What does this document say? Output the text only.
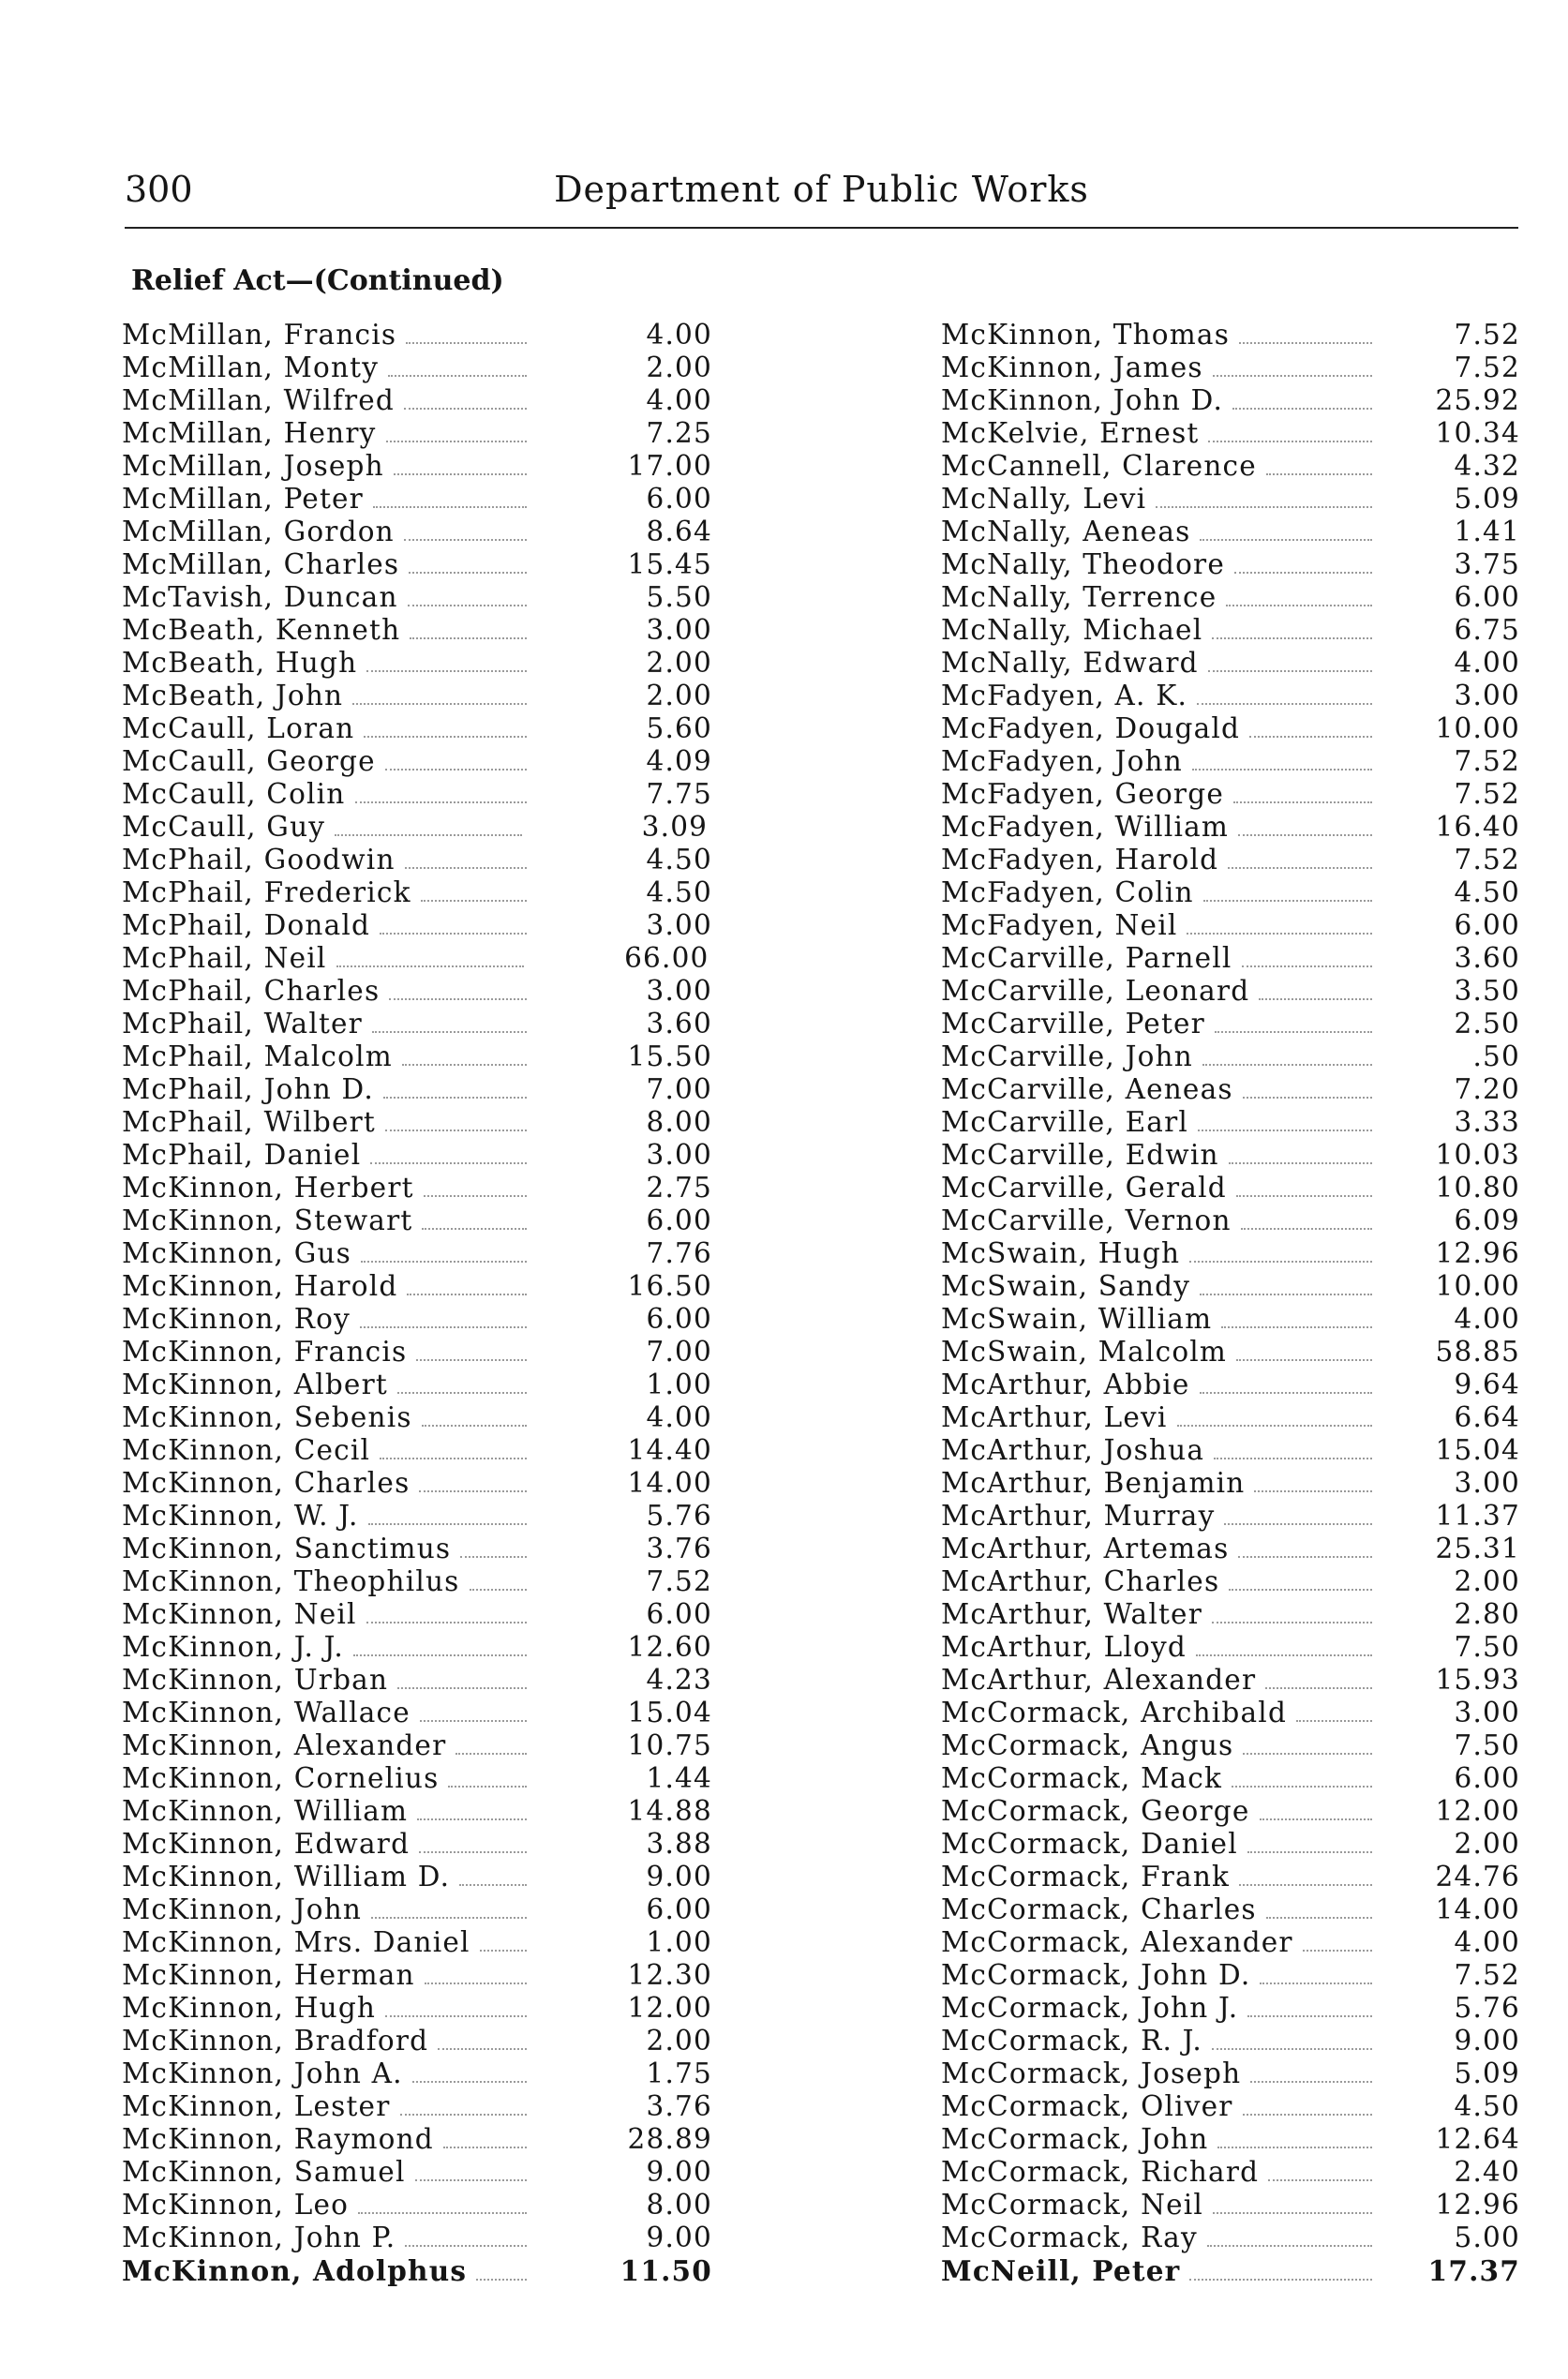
300	Department of Public Works
Relief Act—(Continued)
McMillan, Francis	4.00
McMillan, Monty	2.00
McMillan, Wilfred	4.00
McMillan, Henry	7.25
McMillan, Joseph	17.00
McMillan, Peter	6.00
McMillan, Gordon	8.64
McMillan, Charles	15.45
McTavish, Duncan	5.50
McBeath, Kenneth	3.00
McBeath, Hugh	2.00
McBeath, John	2.00
McCaull, Loran	5.60
McCaull, George	4.09
McCaull, Colin	7.75
McCaull, Guy	3.09
McPhail, Goodwin	4.50
McPhail, Frederick	4.50
McPhail, Donald	3.00
McPhail, Neil	66.00
McPhail, Charles	3.00
McPhail, Walter	3.60
McPhail, Malcolm	15.50
McPhail, John D.	7.00
McPhail, Wilbert	8.00
McPhail, Daniel	3.00
McKinnon, Herbert	2.75
McKinnon, Stewart	6.00
McKinnon, Gus	7.76
McKinnon, Harold	16.50
McKinnon, Roy	6.00
McKinnon, Francis	7.00
McKinnon, Albert	1.00
McKinnon, Sebenis	4.00
McKinnon, Cecil	14.40
McKinnon, Charles	14.00
McKinnon, W. J.	5.76
McKinnon, Sanctimus	3.76
McKinnon, Theophilus	7.52
McKinnon, Neil	6.00
McKinnon, J. J.	12.60
McKinnon, Urban	4.23
McKinnon, Wallace	15.04
McKinnon, Alexander	10.75
McKinnon, Cornelius	1.44
McKinnon, William	14.88
McKinnon, Edward	3.88
McKinnon, William D.	9.00
McKinnon, John	6.00
McKinnon, Mrs. Daniel	1.00
McKinnon, Herman	12.30
McKinnon, Hugh	12.00
McKinnon, Bradford	2.00
McKinnon, John A.	1.75
McKinnon, Lester	3.76
McKinnon, Raymond	28.89
McKinnon, Samuel	9.00
McKinnon, Leo	8.00
McKinnon, John P.	9.00
McKinnon, Adolphus	11.50
McKinnon, Thomas	7.52
McKinnon, James	7.52
McKinnon, John D.	25.92
McKelvie, Ernest	10.34
McCannell, Clarence	4.32
McNally, Levi	5.09
McNally, Aeneas	1.41
McNally, Theodore	3.75
McNally, Terrence	6.00
McNally, Michael	6.75
McNally, Edward	4.00
McFadyen, A. K.	3.00
McFadyen, Dougald	10.00
McFadyen, John	7.52
McFadyen, George	7.52
McFadyen, William	16.40
McFadyen, Harold	7.52
McFadyen, Colin	4.50
McFadyen, Neil	6.00
McCarville, Parnell	3.60
McCarville, Leonard	3.50
McCarville, Peter	2.50
McCarville, John	.50
McCarville, Aeneas	7.20
McCarville, Earl	3.33
McCarville, Edwin	10.03
McCarville, Gerald	10.80
McCarville, Vernon	6.09
McSwain, Hugh	12.96
McSwain, Sandy	10.00
McSwain, William	4.00
McSwain, Malcolm	58.85
McArthur, Abbie	9.64
McArthur, Levi	6.64
McArthur, Joshua	15.04
McArthur, Benjamin	3.00
McArthur, Murray	11.37
McArthur, Artemas	25.31
McArthur, Charles	2.00
McArthur, Walter	2.80
McArthur, Lloyd	7.50
McArthur, Alexander	15.93
McCormack, Archibald	3.00
McCormack, Angus	7.50
McCormack, Mack	6.00
McCormack, George	12.00
McCormack, Daniel	2.00
McCormack, Frank	24.76
McCormack, Charles	14.00
McCormack, Alexander	4.00
McCormack, John D.	7.52
McCormack, John J.	5.76
McCormack, R. J.	9.00
McCormack, Joseph	5.09
McCormack, Oliver	4.50
McCormack, John	12.64
McCormack, Richard	2.40
McCormack, Neil	12.96
McCormack, Ray	5.00
McNeill, Peter	17.37
